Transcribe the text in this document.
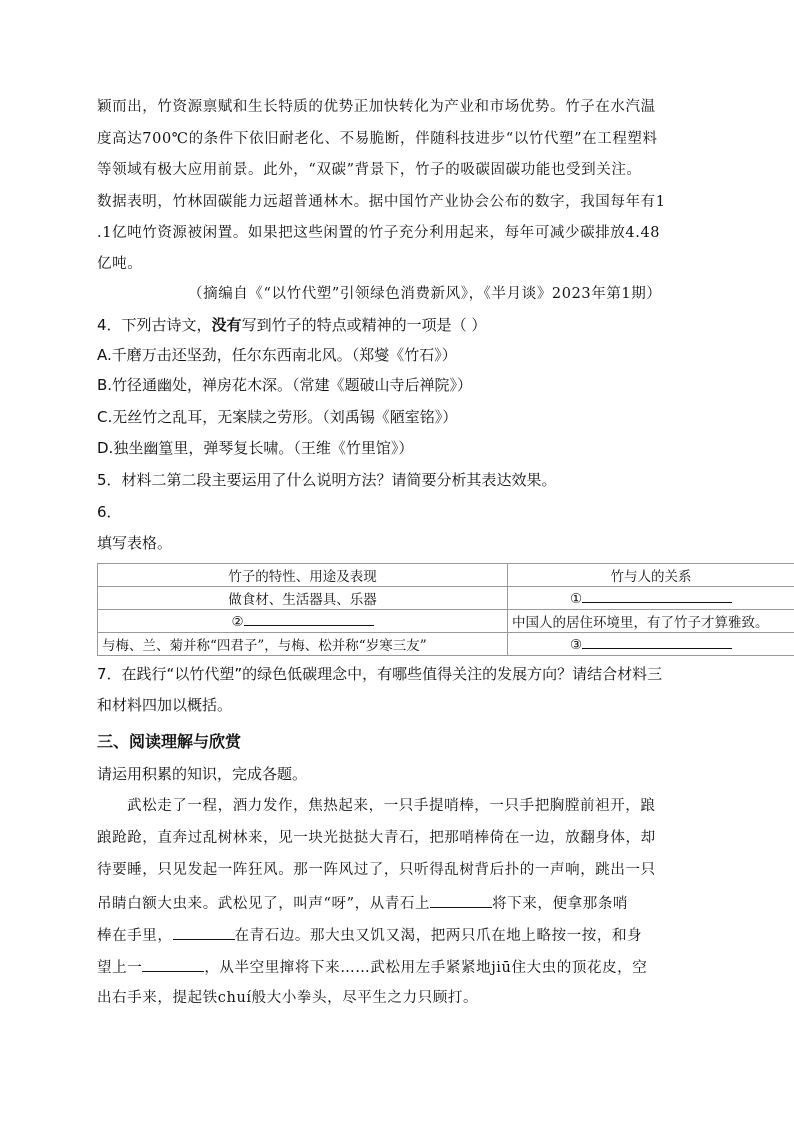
颖而出，竹资源禀赋和生长特质的优势正加快转化为产业和市场优势。竹子在水汽温
度高达700℃的条件下依旧耐老化、不易脆断，伴随科技进步“以竹代塑”在工程塑料
等领域有极大应用前景。此外，“双碳”背景下，竹子的吸碳固碳功能也受到关注。
数据表明，竹林固碳能力远超普通林木。据中国竹产业协会公布的数字，我国每年有1
.1亿吨竹资源被闲置。如果把这些闲置的竹子充分利用起来，每年可减少碳排放4.48
亿吨。
（摘编自《“以竹代塑”引领绿色消费新风》，《半月谈》2023年第1期）
4．下列古诗文，没有写到竹子的特点或精神的一项是（ ）
A.千磨万击还坚劲，任尔东西南北风。（郑燮《竹石》）
B.竹径通幽处，禅房花木深。（常建《题破山寺后禅院》）
C.无丝竹之乱耳，无案牍之劳形。（刘禹锡《陋室铭》）
D.独坐幽篁里，弹琴复长啸。（王维《竹里馆》）
5．材料二第二段主要运用了什么说明方法？请简要分析其表达效果。
6．
填写表格。
竹子的特性、用途及表现	竹与人的关系
做食材、生活器具、乐器	①
②	中国人的居住环境里，有了竹子才算雅致。
与梅、兰、菊并称“四君子”，与梅、松并称“岁寒三友”	③
7．在践行“以竹代塑”的绿色低碳理念中，有哪些值得关注的发展方向？请结合材料三
和材料四加以概括。
三、阅读理解与欣赏
请运用积累的知识，完成各题。
武松走了一程，酒力发作，焦热起来，一只手提哨棒，一只手把胸膛前袒开，踉
踉跄跄，直奔过乱树林来，见一块光挞挞大青石，把那哨棒倚在一边，放翻身体，却
待要睡，只见发起一阵狂风。那一阵风过了，只听得乱树背后扑的一声响，跳出一只
吊睛白额大虫来。武松见了，叫声“呀”，从青石上	将下来，便拿那条哨
棒在手里，	在青石边。那大虫又饥又渴，把两只爪在地上略按一按，和身
望上一	，从半空里撺将下来……武松用左手紧紧地jiū住大虫的顶花皮，空
出右手来，提起铁chuí般大小拳头，尽平生之力只顾打。
